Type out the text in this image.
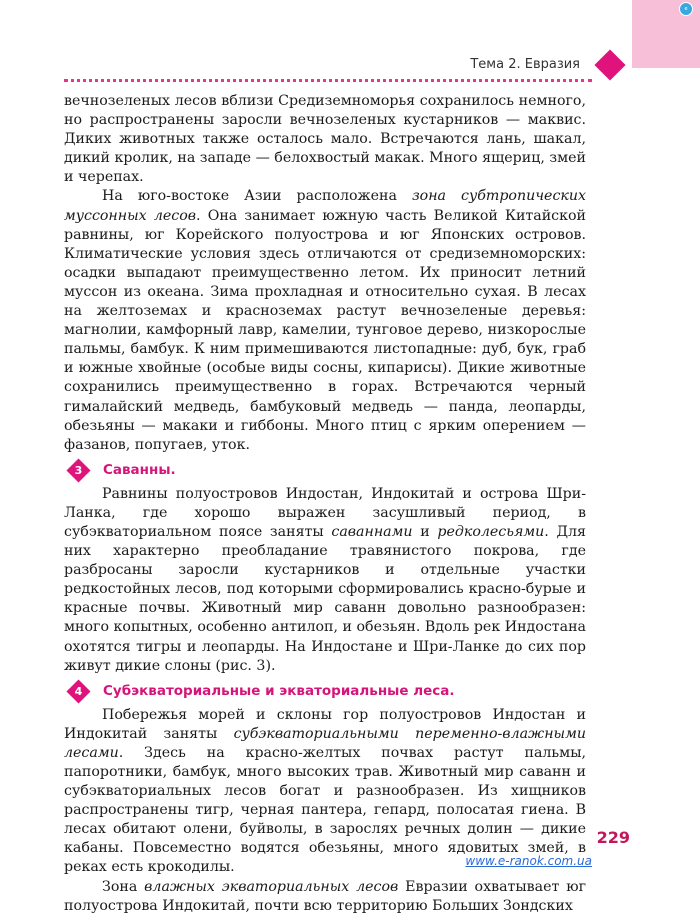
e
Тема 2. Евразия

вечнозеленых лесов вблизи Средиземноморья сохранилось немного, но распространены заросли вечнозеленых кустарников — маквис. Диких животных также осталось мало. Встречаются лань, шакал, дикий кролик, на западе — белохвостый макак. Много ящериц, змей и черепах.

На юго-востоке Азии расположена зона субтропических муссонных лесов. Она занимает южную часть Великой Китайской равнины, юг Корейского полуострова и юг Японских островов. Климатические условия здесь отличаются от средиземноморских: осадки выпадают преимущественно летом. Их приносит летний муссон из океана. Зима прохладная и относительно сухая. В лесах на желтоземах и красноземах растут вечнозеленые деревья: магнолии, камфорный лавр, камелии, тунговое дерево, низкорослые пальмы, бамбук. К ним примешиваются листопадные: дуб, бук, граб и южные хвойные (особые виды сосны, кипарисы). Дикие животные сохранились преимущественно в горах. Встречаются черный гималайский медведь, бамбуковый медведь — панда, леопарды, обезьяны — макаки и гиббоны. Много птиц с ярким оперением — фазанов, попугаев, уток.

3	Саванны.

Равнины полуостровов Индостан, Индокитай и острова Шри-Ланка, где хорошо выражен засушливый период, в субэкваториальном поясе заняты саваннами и редколесьями. Для них характерно преобладание травянистого покрова, где разбросаны заросли кустарников и отдельные участки редкостойных лесов, под которыми сформировались красно-бурые и красные почвы. Животный мир саванн довольно разнообразен: много копытных, особенно антилоп, и обезьян. Вдоль рек Индостана охотятся тигры и леопарды. На Индостане и Шри-Ланке до сих пор живут дикие слоны (рис. 3).

4	Субэкваториальные и экваториальные леса.

Побережья морей и склоны гор полуостровов Индостан и Индокитай заняты субэкваториальными переменно-влажными лесами. Здесь на красно-желтых почвах растут пальмы, папоротники, бамбук, много высоких трав. Животный мир саванн и субэкваториальных лесов богат и разнообразен. Из хищников распространены тигр, черная пантера, гепард, полосатая гиена. В лесах обитают олени, буйволы, в зарослях речных долин — дикие кабаны. Повсеместно водятся обезьяны, много ядовитых змей, в реках есть крокодилы.

Зона влажных экваториальных лесов Евразии охватывает юг полуострова Индокитай, почти всю территорию Больших Зондских

229
www.e-ranok.com.ua
